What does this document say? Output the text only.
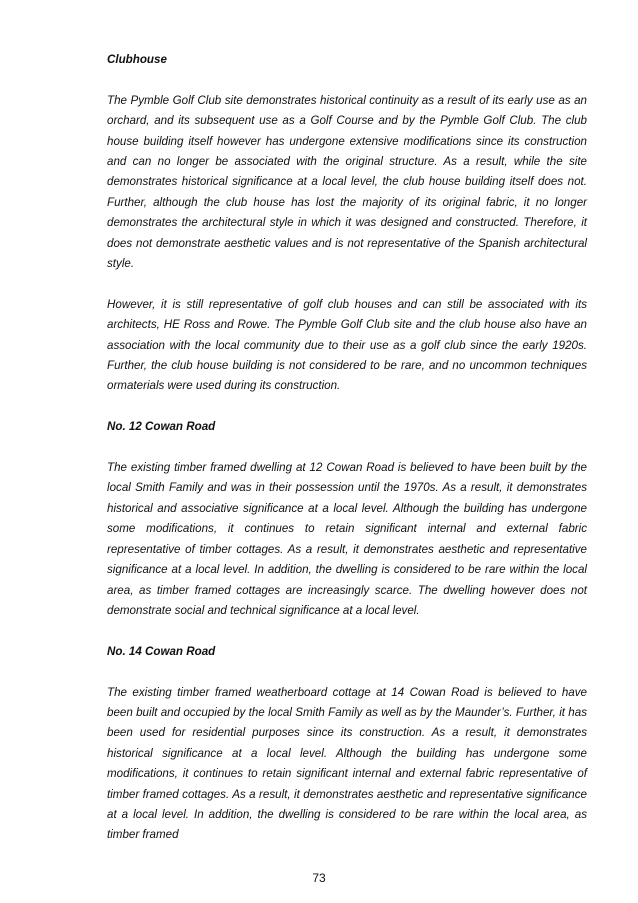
Clubhouse

The Pymble Golf Club site demonstrates historical continuity as a result of its early use as an orchard, and its subsequent use as a Golf Course and by the Pymble Golf Club. The club house building itself however has undergone extensive modifications since its construction and can no longer be associated with the original structure. As a result, while the site demonstrates historical significance at a local level, the club house building itself does not. Further, although the club house has lost the majority of its original fabric, it no longer demonstrates the architectural style in which it was designed and constructed. Therefore, it does not demonstrate aesthetic values and is not representative of the Spanish architectural style.

However, it is still representative of golf club houses and can still be associated with its architects, HE Ross and Rowe. The Pymble Golf Club site and the club house also have an association with the local community due to their use as a golf club since the early 1920s. Further, the club house building is not considered to be rare, and no uncommon techniques ormaterials were used during its construction.

No. 12 Cowan Road

The existing timber framed dwelling at 12 Cowan Road is believed to have been built by the local Smith Family and was in their possession until the 1970s. As a result, it demonstrates historical and associative significance at a local level. Although the building has undergone some modifications, it continues to retain significant internal and external fabric representative of timber cottages. As a result, it demonstrates aesthetic and representative significance at a local level. In addition, the dwelling is considered to be rare within the local area, as timber framed cottages are increasingly scarce. The dwelling however does not demonstrate social and technical significance at a local level.

No. 14 Cowan Road

The existing timber framed weatherboard cottage at 14 Cowan Road is believed to have been built and occupied by the local Smith Family as well as by the Maunder’s. Further, it has been used for residential purposes since its construction. As a result, it demonstrates historical significance at a local level. Although the building has undergone some modifications, it continues to retain significant internal and external fabric representative of timber framed cottages. As a result, it demonstrates aesthetic and representative significance at a local level. In addition, the dwelling is considered to be rare within the local area, as timber framed

73
